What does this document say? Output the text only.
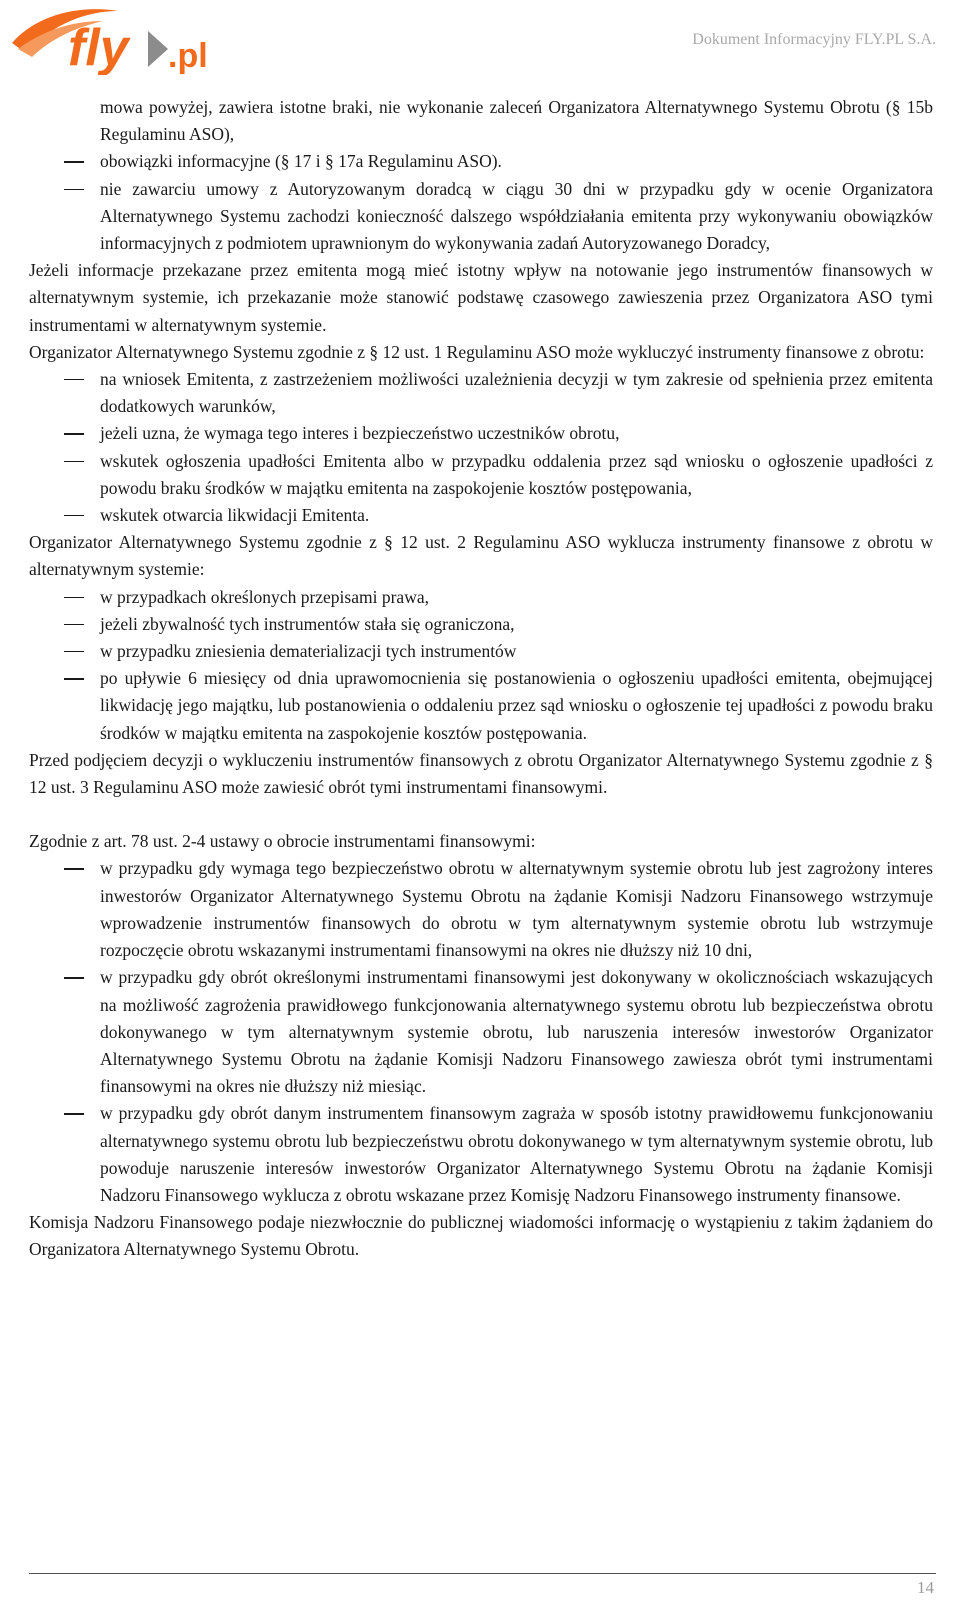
fly .pl	Dokument Informacyjny FLY.PL S.A.
mowa powyżej, zawiera istotne braki, nie wykonanie zaleceń Organizatora Alternatywnego Systemu Obrotu (§ 15b Regulaminu ASO),
obowiązki informacyjne (§ 17 i § 17a Regulaminu ASO).
nie zawarciu umowy z Autoryzowanym doradcą w ciągu 30 dni w przypadku gdy w ocenie Organizatora Alternatywnego Systemu zachodzi konieczność dalszego współdziałania emitenta przy wykonywaniu obowiązków informacyjnych z podmiotem uprawnionym do wykonywania zadań Autoryzowanego Doradcy,
Jeżeli informacje przekazane przez emitenta mogą mieć istotny wpływ na notowanie jego instrumentów finansowych w alternatywnym systemie, ich przekazanie może stanowić podstawę czasowego zawieszenia przez Organizatora ASO tymi instrumentami w alternatywnym systemie.
Organizator Alternatywnego Systemu zgodnie z § 12 ust. 1 Regulaminu ASO może wykluczyć instrumenty finansowe z obrotu:
na wniosek Emitenta, z zastrzeżeniem możliwości uzależnienia decyzji w tym zakresie od spełnienia przez emitenta dodatkowych warunków,
jeżeli uzna, że wymaga tego interes i bezpieczeństwo uczestników obrotu,
wskutek ogłoszenia upadłości Emitenta albo w przypadku oddalenia przez sąd wniosku o ogłoszenie upadłości z powodu braku środków w majątku emitenta na zaspokojenie kosztów postępowania,
wskutek otwarcia likwidacji Emitenta.
Organizator Alternatywnego Systemu zgodnie z § 12 ust. 2 Regulaminu ASO wyklucza instrumenty finansowe z obrotu w alternatywnym systemie:
w przypadkach określonych przepisami prawa,
jeżeli zbywalność tych instrumentów stała się ograniczona,
w przypadku zniesienia dematerializacji tych instrumentów
po upływie 6 miesięcy od dnia uprawomocnienia się postanowienia o ogłoszeniu upadłości emitenta, obejmującej likwidację jego majątku, lub postanowienia o oddaleniu przez sąd wniosku o ogłoszenie tej upadłości z powodu braku środków w majątku emitenta na zaspokojenie kosztów postępowania.
Przed podjęciem decyzji o wykluczeniu instrumentów finansowych z obrotu Organizator Alternatywnego Systemu zgodnie z § 12 ust. 3 Regulaminu ASO może zawiesić obrót tymi instrumentami finansowymi.
Zgodnie z art. 78 ust. 2-4 ustawy o obrocie instrumentami finansowymi:
w przypadku gdy wymaga tego bezpieczeństwo obrotu w alternatywnym systemie obrotu lub jest zagrożony interes inwestorów Organizator Alternatywnego Systemu Obrotu na żądanie Komisji Nadzoru Finansowego wstrzymuje wprowadzenie instrumentów finansowych do obrotu w tym alternatywnym systemie obrotu lub wstrzymuje rozpoczęcie obrotu wskazanymi instrumentami finansowymi na okres nie dłuższy niż 10 dni,
w przypadku gdy obrót określonymi instrumentami finansowymi jest dokonywany w okolicznościach wskazujących na możliwość zagrożenia prawidłowego funkcjonowania alternatywnego systemu obrotu lub bezpieczeństwa obrotu dokonywanego w tym alternatywnym systemie obrotu, lub naruszenia interesów inwestorów Organizator Alternatywnego Systemu Obrotu na żądanie Komisji Nadzoru Finansowego zawiesza obrót tymi instrumentami finansowymi na okres nie dłuższy niż miesiąc.
w przypadku gdy obrót danym instrumentem finansowym zagraża w sposób istotny prawidłowemu funkcjonowaniu alternatywnego systemu obrotu lub bezpieczeństwu obrotu dokonywanego w tym alternatywnym systemie obrotu, lub powoduje naruszenie interesów inwestorów Organizator Alternatywnego Systemu Obrotu na żądanie Komisji Nadzoru Finansowego wyklucza z obrotu wskazane przez Komisję Nadzoru Finansowego instrumenty finansowe.
Komisja Nadzoru Finansowego podaje niezwłocznie do publicznej wiadomości informację o wystąpieniu z takim żądaniem do Organizatora Alternatywnego Systemu Obrotu.
14
